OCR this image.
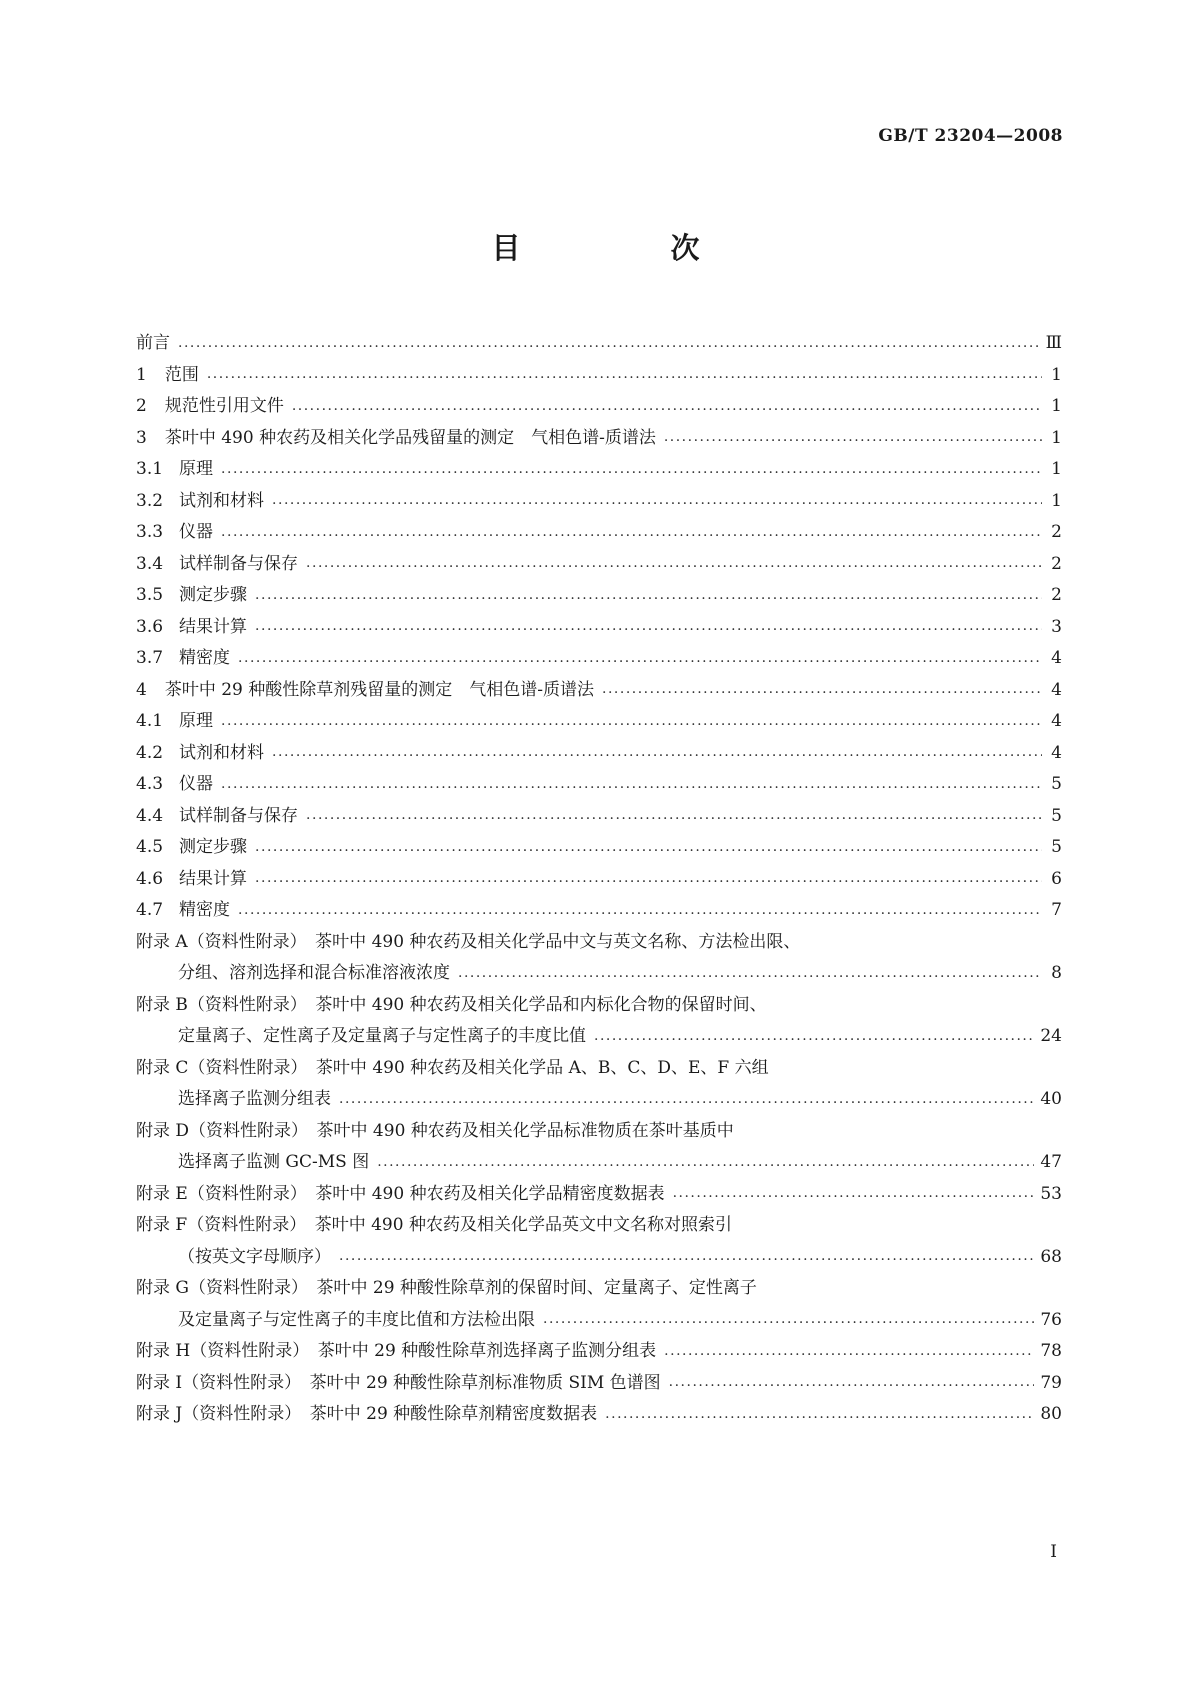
GB/T 23204—2008
目 次
前言 ·····	Ⅲ
1 范围 ·····	1
2 规范性引用文件 ·····	1
3 茶叶中 490 种农药及相关化学品残留量的测定　气相色谱-质谱法 ·····	1
3.1 原理 ·····	1
3.2 试剂和材料 ·····	1
3.3 仪器 ·····	2
3.4 试样制备与保存 ·····	2
3.5 测定步骤 ·····	2
3.6 结果计算 ·····	3
3.7 精密度 ·····	4
4 茶叶中 29 种酸性除草剂残留量的测定　气相色谱-质谱法 ·····	4
4.1 原理 ·····	4
4.2 试剂和材料 ·····	4
4.3 仪器 ·····	5
4.4 试样制备与保存 ·····	5
4.5 测定步骤 ·····	5
4.6 结果计算 ·····	6
4.7 精密度 ·····	7
附录 A（资料性附录）　茶叶中 490 种农药及相关化学品中文与英文名称、方法检出限、
分组、溶剂选择和混合标准溶液浓度 ·····	8
附录 B（资料性附录）　茶叶中 490 种农药及相关化学品和内标化合物的保留时间、
定量离子、定性离子及定量离子与定性离子的丰度比值 ·····	24
附录 C（资料性附录）　茶叶中 490 种农药及相关化学品 A、B、C、D、E、F 六组
选择离子监测分组表 ·····	40
附录 D（资料性附录）　茶叶中 490 种农药及相关化学品标准物质在茶叶基质中
选择离子监测 GC-MS 图 ·····	47
附录 E（资料性附录）　茶叶中 490 种农药及相关化学品精密度数据表 ·····	53
附录 F（资料性附录）　茶叶中 490 种农药及相关化学品英文中文名称对照索引
（按英文字母顺序） ·····	68
附录 G（资料性附录）　茶叶中 29 种酸性除草剂的保留时间、定量离子、定性离子
及定量离子与定性离子的丰度比值和方法检出限 ·····	76
附录 H（资料性附录）　茶叶中 29 种酸性除草剂选择离子监测分组表 ·····	78
附录 I（资料性附录）　茶叶中 29 种酸性除草剂标准物质 SIM 色谱图 ·····	79
附录 J（资料性附录）　茶叶中 29 种酸性除草剂精密度数据表 ·····	80
I
